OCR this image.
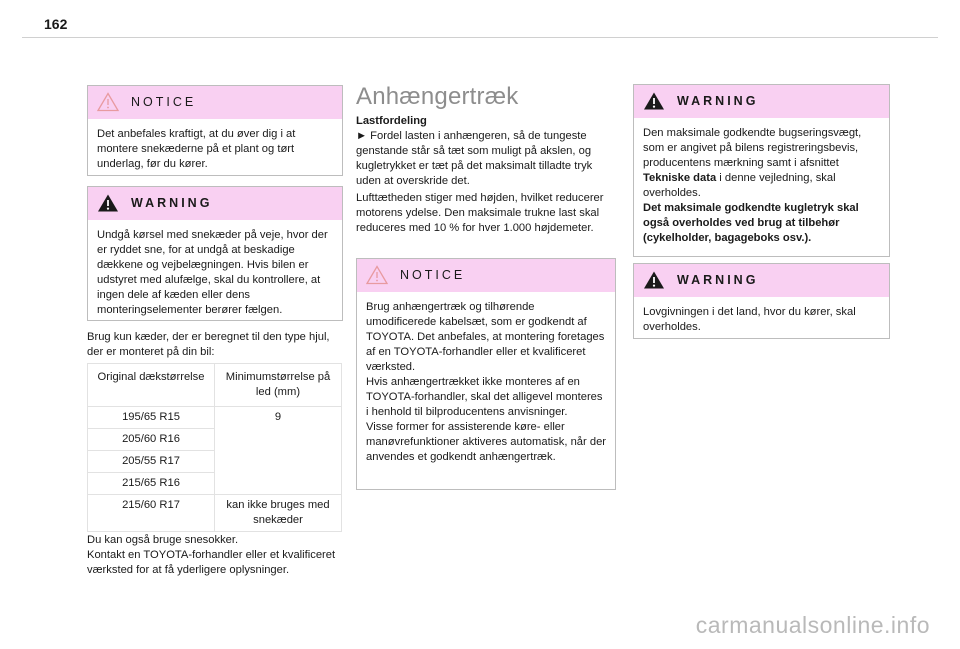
162
NOTICE
Det anbefales kraftigt, at du øver dig i at montere snekæderne på et plant og tørt underlag, før du kører.
WARNING
Undgå kørsel med snekæder på veje, hvor der er ryddet sne, for at undgå at beskadige dækkene og vejbelægningen. Hvis bilen er udstyret med alufælge, skal du kontrollere, at ingen dele af kæden eller dens monteringselementer berører fælgen.
Brug kun kæder, der er beregnet til den type hjul, der er monteret på din bil:
Original dækstørrelse	Minimumstørrelse på led (mm)
195/65 R15	9
205/60 R16	
205/55 R17	
215/65 R16	
215/60 R17	kan ikke bruges med snekæder
Du kan også bruge snesokker.
Kontakt en TOYOTA-forhandler eller et kvalificeret værksted for at få yderligere oplysninger.
Anhængertræk
Lastfordeling
► Fordel lasten i anhængeren, så de tungeste genstande står så tæt som muligt på akslen, og kugletrykket er tæt på det maksimalt tilladte tryk uden at overskride det.
Lufttætheden stiger med højden, hvilket reducerer motorens ydelse. Den maksimale trukne last skal reduceres med 10 % for hver 1.000 højdemeter.
NOTICE
Brug anhængertræk og tilhørende umodificerede kabelsæt, som er godkendt af TOYOTA. Det anbefales, at montering foretages af en TOYOTA-forhandler eller et kvalificeret værksted.
Hvis anhængertrækket ikke monteres af en TOYOTA-forhandler, skal det alligevel monteres i henhold til bilproducentens anvisninger.
Visse former for assisterende køre- eller manøvrefunktioner aktiveres automatisk, når der anvendes et godkendt anhængertræk.
WARNING
Den maksimale godkendte bugseringsvægt, som er angivet på bilens registreringsbevis, producentens mærkning samt i afsnittet Tekniske data i denne vejledning, skal overholdes.
Det maksimale godkendte kugletryk skal også overholdes ved brug at tilbehør (cykelholder, bagageboks osv.).
WARNING
Lovgivningen i det land, hvor du kører, skal overholdes.
carmanualsonline.info
